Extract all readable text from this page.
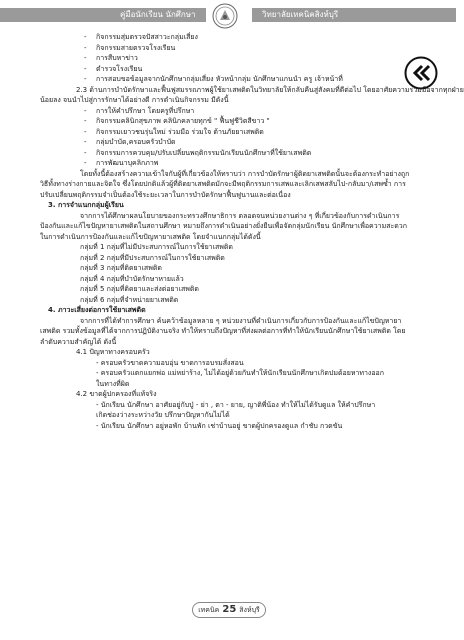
คู่มือนักเรียน นักศึกษา	วิทยาลัยเทคนิคสิงห์บุรี
- กิจกรรมสุ่มตรวจปัสสาวะกลุ่มเสี่ยง
- กิจกรรมสายตรวจโรงเรียน
- การสืบหาข่าว
- ตำรวจโรงเรียน
- การสอบขอข้อมูลจากนักศึกษากลุ่มเสี่ยง หัวหน้ากลุ่ม นักศึกษาแกนนำ ครู เจ้าหน้าที่
2.3 ด้านการบำบัดรักษาและฟื้นฟูสมรรถภาพผู้ใช้ยาเสพติดในวิทยาลัยให้กลับคืนสู่สังคมที่ดีต่อไป โดยอาศัยความร่วมมือจากทุกฝ่าย
น้อยลง จนนำไปสู่การรักษาได้อย่างดี การดำเนินกิจกรรม มีดังนี้
- การให้คำปรึกษา โดยครูที่ปรึกษา
- กิจกรรมคลินิกสุขภาพ คลินิกคลายทุกข์ " ฟื้นฟูชีวิตสีขาว "
- กิจกรรมเยาวชนรุ่นใหม่ ร่วมมือ ร่วมใจ ต้านภัยยาเสพติด
- กลุ่มบำบัด,ครอบครัวบำบัด
- กิจกรรมการควบคุม/ปรับเปลี่ยนพฤติกรรมนักเรียนนักศึกษาที่ใช้ยาเสพติด
- การพัฒนาบุคลิกภาพ
โดยทั้งนี้ต้องสร้างความเข้าใจกับผู้ที่เกี่ยวข้องให้ทราบว่า การบำบัดรักษาผู้ติดยาเสพติดนั้นจะต้องกระทำอย่างถูกวิธีทั้งทางร่างกายและจิตใจ ซึ่งโดยปกติแล้วผู้ที่ติดยาเสพติดมักจะมีพฤติกรรมการเสพและเลิกเสพสลับไป-กลับมา/เสพซ้ำ การปรับเปลี่ยนพฤติกรรมจำเป็นต้องใช้ระยะเวลาในการบำบัดรักษาฟื้นฟูนานและต่อเนื่อง
3. การจำแนกกลุ่มผู้เรียน
จากการได้ศึกษาผลนโยบายของกระทรวงศึกษาธิการ ตลอดจนหน่วยงานต่าง ๆ ที่เกี่ยวข้องกับการดำเนินการป้องกันและแก้ไขปัญหายาเสพติดในสถานศึกษา หมายถึงการดำเนินอย่างยั่งยืนเพื่อจัดกลุ่มนักเรียน นักศึกษาเพื่อความสะดวกในการดำเนินการป้องกันและแก้ไขปัญหายาเสพติด โดยจำแนกกลุ่มได้ดังนี้
กลุ่มที่ 1 กลุ่มที่ไม่มีประสบการณ์ในการใช้ยาเสพติด
กลุ่มที่ 2 กลุ่มที่มีประสบการณ์ในการใช้ยาเสพติด
กลุ่มที่ 3 กลุ่มที่ติดยาเสพติด
กลุ่มที่ 4 กลุ่มที่บำบัดรักษาหายแล้ว
กลุ่มที่ 5 กลุ่มที่ติดยาและส่งต่อยาเสพติด
กลุ่มที่ 6 กลุ่มที่จำหน่ายยาเสพติด
4. ภาวะเสี่ยงต่อการใช้ยาเสพติด
จากการที่ได้ทำการศึกษา ค้นคว้าข้อมูลหลาย ๆ หน่วยงานที่ดำเนินการเกี่ยวกับการป้องกันและแก้ไขปัญหายาเสพติด รวมทั้งข้อมูลที่ได้จากการปฏิบัติงานจริง ทำให้ทราบถึงปัญหาที่ส่งผลต่อการที่ทำให้นักเรียนนักศึกษาใช้ยาเสพติด โดยลำดับความสำคัญได้ ดังนี้
4.1 ปัญหาทางครอบครัว
- ครอบครัวขาดความอบอุ่น ขาดการอบรมสั่งสอน
- ครอบครัวแตกแยกพ่อ แม่หย่าร้าง, ไม่ได้อยู่ด้วยกันทำให้นักเรียนนักศึกษาเกิดปมด้อยหาทางออก
ในทางที่ผิด
4.2 ขาดผู้ปกครองที่แท้จริง
- นักเรียน นักศึกษา อาศัยอยู่กับปู่ - ย่า , ตา - ยาย, ญาติพี่น้อง ทำให้ไม่ได้รับดูแล ให้คำปรึกษา
เกิดช่องว่างระหว่างวัย ปรึกษาปัญหากันไม่ได้
- นักเรียน นักศึกษา อยู่หอพัก บ้านพัก เช่าบ้านอยู่ ขาดผู้ปกครองดูแล กำชับ กวดขัน
เทคนิค 25 สิงห์บุรี
